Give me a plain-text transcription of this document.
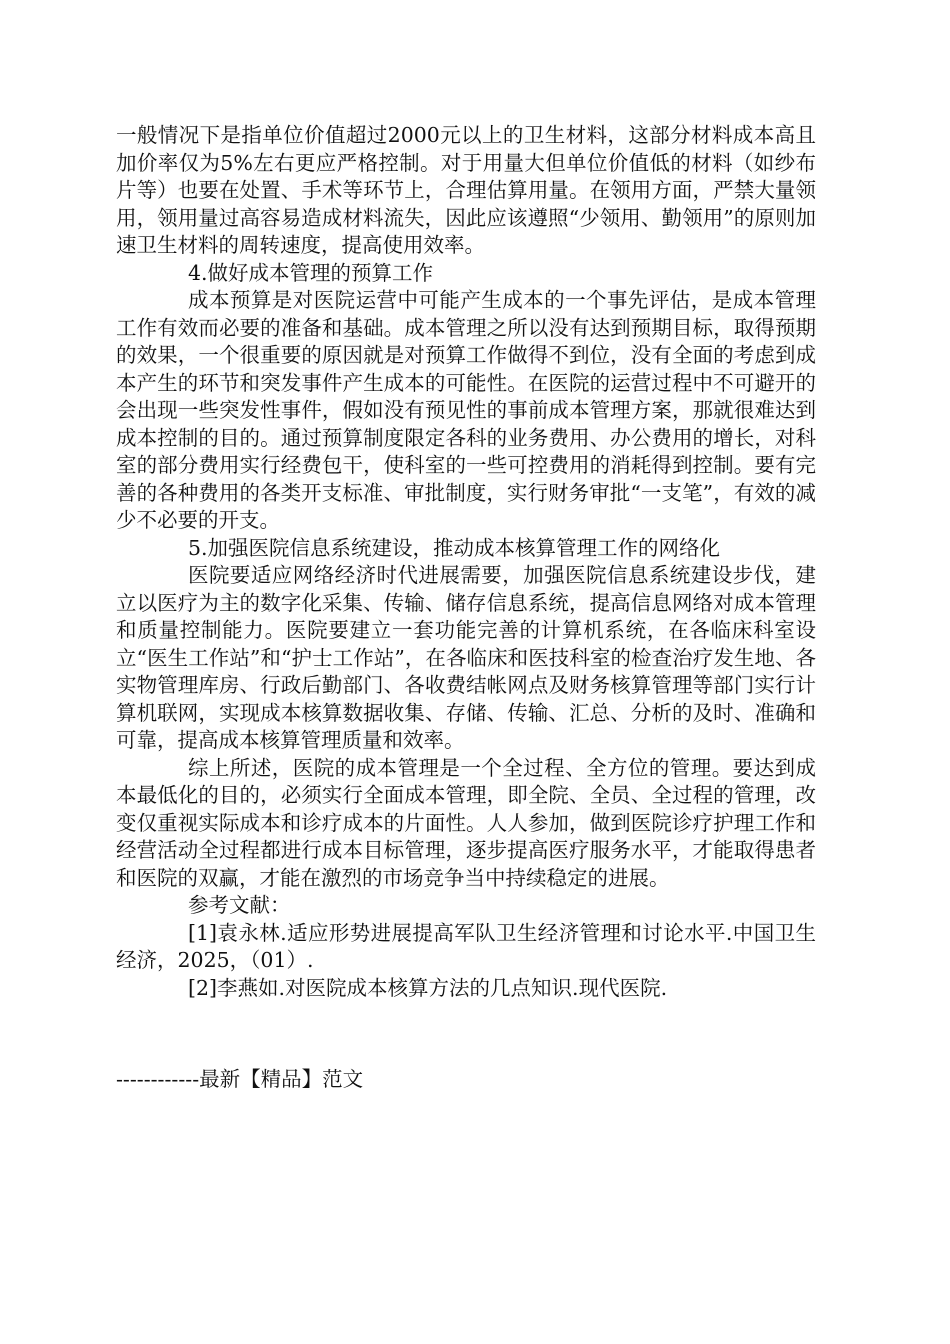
一般情况下是指单位价值超过2000元以上的卫生材料，这部分材料成本高且加价率仅为5%左右更应严格控制。对于用量大但单位价值低的材料（如纱布片等）也要在处置、手术等环节上，合理估算用量。在领用方面，严禁大量领用，领用量过高容易造成材料流失，因此应该遵照“少领用、勤领用”的原则加速卫生材料的周转速度，提高使用效率。

4.做好成本管理的预算工作

成本预算是对医院运营中可能产生成本的一个事先评估，是成本管理工作有效而必要的准备和基础。成本管理之所以没有达到预期目标，取得预期的效果，一个很重要的原因就是对预算工作做得不到位，没有全面的考虑到成本产生的环节和突发事件产生成本的可能性。在医院的运营过程中不可避开的会出现一些突发性事件，假如没有预见性的事前成本管理方案，那就很难达到成本控制的目的。通过预算制度限定各科的业务费用、办公费用的增长，对科室的部分费用实行经费包干，使科室的一些可控费用的消耗得到控制。要有完善的各种费用的各类开支标准、审批制度，实行财务审批“一支笔”，有效的减少不必要的开支。

5.加强医院信息系统建设，推动成本核算管理工作的网络化

医院要适应网络经济时代进展需要，加强医院信息系统建设步伐，建立以医疗为主的数字化采集、传输、储存信息系统，提高信息网络对成本管理和质量控制能力。医院要建立一套功能完善的计算机系统，在各临床科室设立“医生工作站”和“护士工作站”，在各临床和医技科室的检查治疗发生地、各实物管理库房、行政后勤部门、各收费结帐网点及财务核算管理等部门实行计算机联网，实现成本核算数据收集、存储、传输、汇总、分析的及时、准确和可靠，提高成本核算管理质量和效率。

综上所述，医院的成本管理是一个全过程、全方位的管理。要达到成本最低化的目的，必须实行全面成本管理，即全院、全员、全过程的管理，改变仅重视实际成本和诊疗成本的片面性。人人参加，做到医院诊疗护理工作和经营活动全过程都进行成本目标管理，逐步提高医疗服务水平，才能取得患者和医院的双赢，才能在激烈的市场竞争当中持续稳定的进展。

参考文献：

[1]袁永林.适应形势进展提高军队卫生经济管理和讨论水平.中国卫生经济，2025，（01）.

[2]李燕如.对医院成本核算方法的几点知识.现代医院.

------------最新【精品】范文
